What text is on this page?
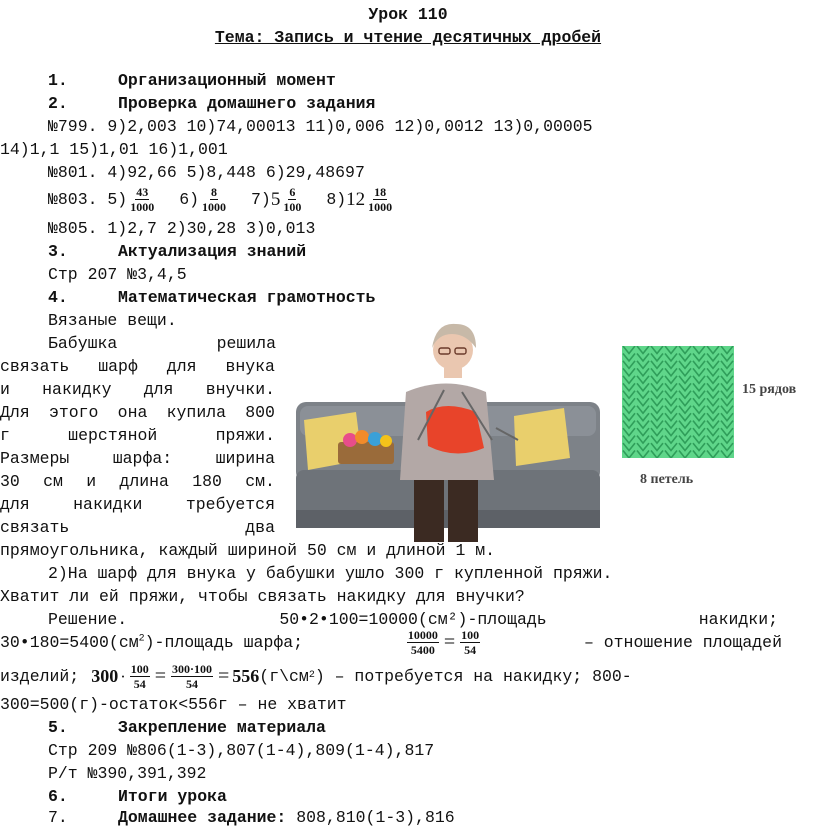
Урок 110
Тема: Запись и чтение десятичных дробей
1.	Организационный момент
2.	Проверка домашнего задания
№799. 9)2,003 10)74,00013 11)0,006 12)0,0012 13)0,00005
14)1,1 15)1,01 16)1,001
№801. 4)92,66 5)8,448 6)29,48697
№803. $5) \frac{43}{1000} 6) \frac{8}{1000} 7$) $5 \frac{6}{100} 8$) $12 \frac{18}{1000}$
№805. 1)2,7 2)30,28 3)0,013
3.	Актуализация знаний
Стр 207 №3,4,5
4.	Математическая грамотность
Вязаные вещи.
Бабушка	решила
связать шарф для внука
и накидку для внучки.
Для этого она купила 800
г	шерстяной	пряжи.
Размеры	шарфа:	ширина
30 см и длина 180 см.
для	накидки	требуется
связать	два
15 рядов
8 петель
прямоугольника, каждый шириной 50 см и длиной 1 м.
2)На шарф для внука у бабушки ушло 300 г купленной пряжи.
Хватит ли ей пряжи, чтобы связать накидку для внучки?
Решение.	50•2•100=10000(см²)-площадь	накидки;
$30•180=5400(см^2)$-площадь шарфа;	$\frac{10000}{5400} = \frac{100}{54}$	– отношение площадей
изделий; $300 \cdot \frac{100}{54} = \frac{300\cdot 100}{54} = 556$ (г\см 2 ) – потребуется на накидку; 800-
300=500(г)-остаток<556г – не хватит
5.	Закрепление материала
Стр 209 №806(1-3),807(1-4),809(1-4),817
Р/т №390,391,392
6.	Итоги урока
7.	Домашнее задание: 808,810(1-3),816
